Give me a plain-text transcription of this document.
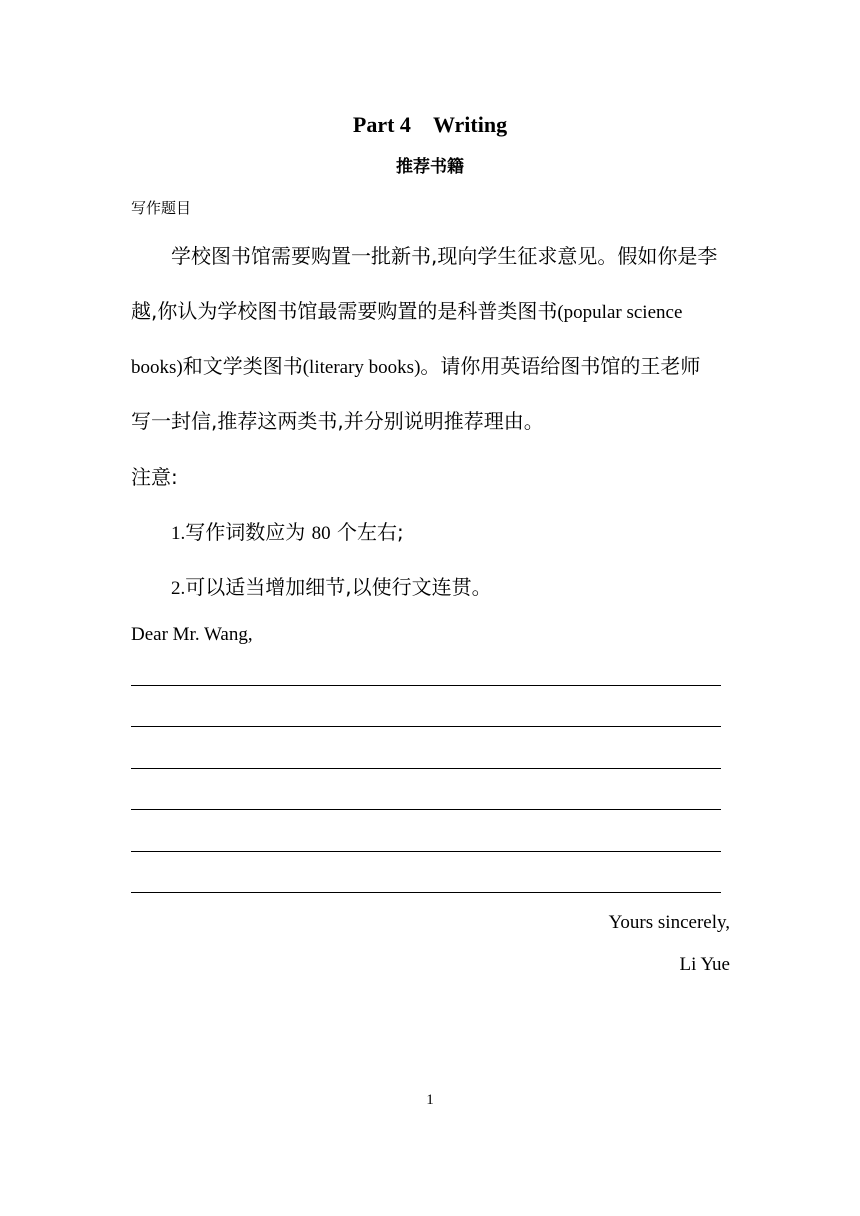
Part 4 Writing
推荐书籍
写作题目
学校图书馆需要购置一批新书,现向学生征求意见。假如你是李
越,你认为学校图书馆最需要购置的是科普类图书(popular science
books)和文学类图书(literary books)。请你用英语给图书馆的王老师
写一封信,推荐这两类书,并分别说明推荐理由。
注意:
1.写作词数应为 80 个左右;
2.可以适当增加细节,以使行文连贯。
Dear Mr. Wang,
Yours sincerely,
Li Yue
1
